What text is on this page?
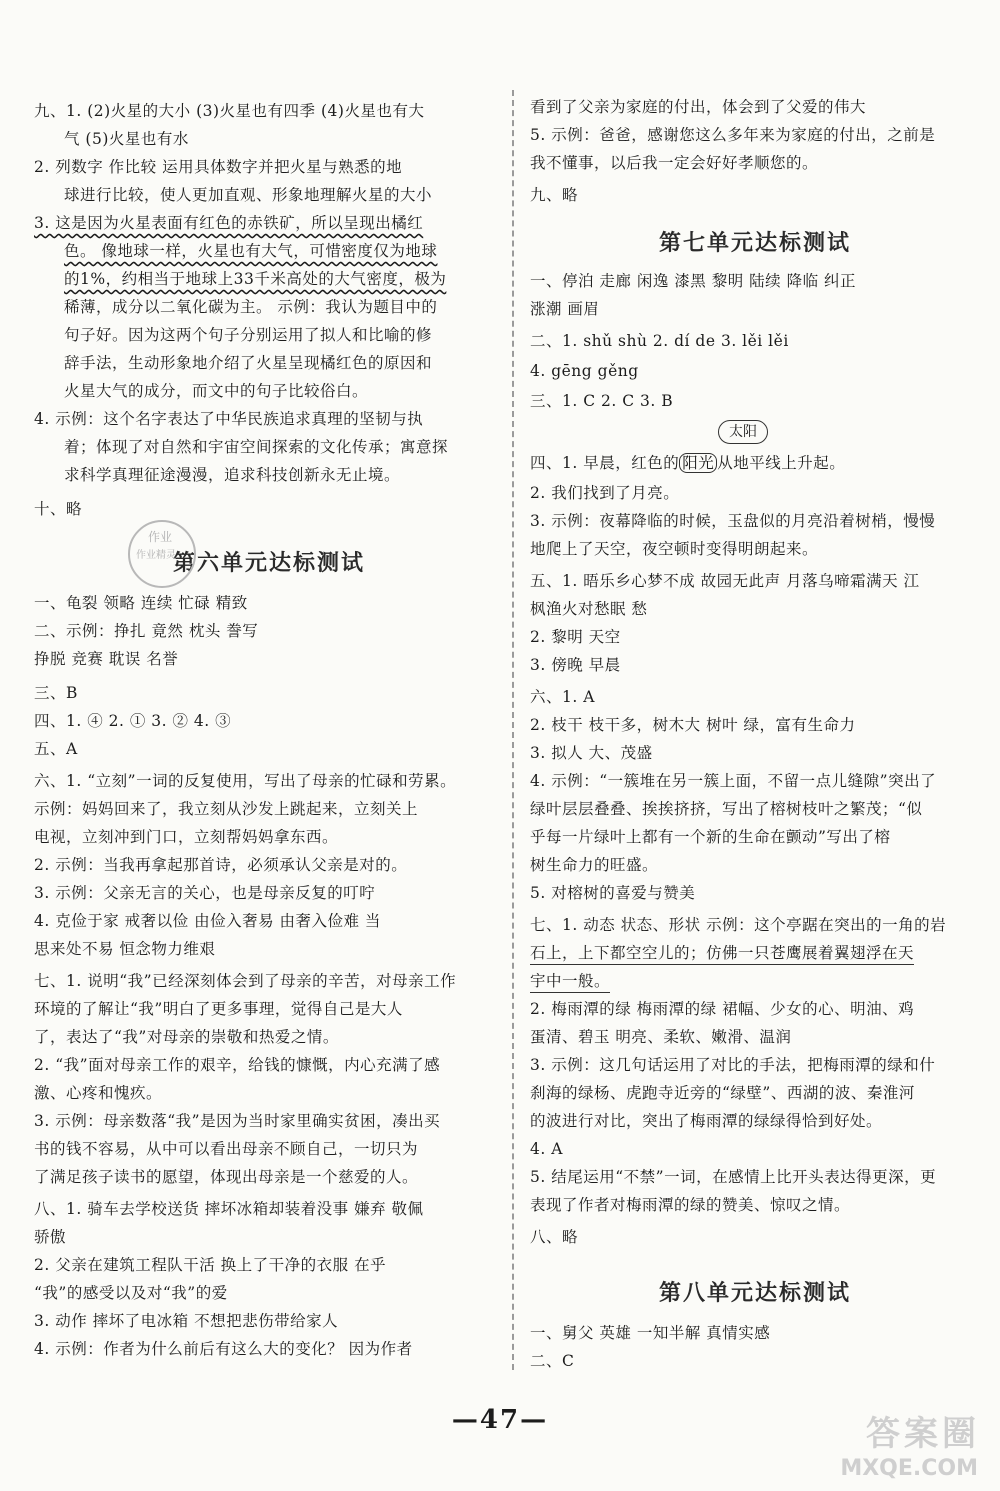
九、1. (2)火星的大小 (3)火星也有四季 (4)火星也有大
气 (5)火星也有水
2. 列数字 作比较 运用具体数字并把火星与熟悉的地
球进行比较，使人更加直观、形象地理解火星的大小
3. 这是因为火星表面有红色的赤铁矿，所以呈现出橘红
色。 像地球一样，火星也有大气，可惜密度仅为地球
的1%，约相当于地球上33千米高处的大气密度，极为
稀薄，成分以二氧化碳为主。 示例：我认为题目中的
句子好。因为这两个句子分别运用了拟人和比喻的修
辞手法，生动形象地介绍了火星呈现橘红色的原因和
火星大气的成分，而文中的句子比较俗白。
4. 示例：这个名字表达了中华民族追求真理的坚韧与执
着；体现了对自然和宇宙空间探索的文化传承；寓意探
求科学真理征途漫漫，追求科技创新永无止境。
十、略
第六单元达标测试
一、龟裂 领略 连续 忙碌 精致
二、示例：挣扎 竟然 枕头 誊写
挣脱 竞赛 耽误 名誉
三、B
四、1. ④ 2. ① 3. ② 4. ③
五、A
六、1. “立刻”一词的反复使用，写出了母亲的忙碌和劳累。
示例：妈妈回来了，我立刻从沙发上跳起来，立刻关上
电视，立刻冲到门口，立刻帮妈妈拿东西。
2. 示例：当我再拿起那首诗，必须承认父亲是对的。
3. 示例：父亲无言的关心，也是母亲反复的叮咛
4. 克俭于家 戒奢以俭 由俭入奢易 由奢入俭难 当
思来处不易 恒念物力维艰
七、1. 说明“我”已经深刻体会到了母亲的辛苦，对母亲工作
环境的了解让“我”明白了更多事理，觉得自己是大人
了，表达了“我”对母亲的崇敬和热爱之情。
2. “我”面对母亲工作的艰辛，给钱的慷慨，内心充满了感
激、心疼和愧疚。
3. 示例：母亲数落“我”是因为当时家里确实贫困，凑出买
书的钱不容易，从中可以看出母亲不顾自己，一切只为
了满足孩子读书的愿望，体现出母亲是一个慈爱的人。
八、1. 骑车去学校送货 摔坏冰箱却装着没事 嫌弃 敬佩
骄傲
2. 父亲在建筑工程队干活 换上了干净的衣服 在乎
“我”的感受以及对“我”的爱
3. 动作 摔坏了电冰箱 不想把悲伤带给家人
4. 示例：作者为什么前后有这么大的变化？ 因为作者
看到了父亲为家庭的付出，体会到了父爱的伟大
5. 示例：爸爸，感谢您这么多年来为家庭的付出，之前是
我不懂事，以后我一定会好好孝顺您的。
九、略
第七单元达标测试
一、停泊 走廊 闲逸 漆黑 黎明 陆续 降临 纠正
涨潮 画眉
二、1. shǔ shù 2. dí de 3. lěi lěi
4. gēng gěng
三、1. C 2. C 3. B
太阳
四、1. 早晨，红色的 阳光 从地平线上升起。
2. 我们找到了月亮。
3. 示例：夜幕降临的时候，玉盘似的月亮沿着树梢，慢慢
地爬上了天空，夜空顿时变得明朗起来。
五、1. 晤乐乡心梦不成 故园无此声 月落乌啼霜满天 江
枫渔火对愁眠 愁
2. 黎明 天空
3. 傍晚 早晨
六、1. A
2. 枝干 枝干多，树木大 树叶 绿，富有生命力
3. 拟人 大、茂盛
4. 示例：“一簇堆在另一簇上面，不留一点儿缝隙”突出了
绿叶层层叠叠、挨挨挤挤，写出了榕树枝叶之繁茂；“似
乎每一片绿叶上都有一个新的生命在颤动”写出了榕
树生命力的旺盛。
5. 对榕树的喜爱与赞美
七、1. 动态 状态、形状 示例：这个亭踞在突出的一角的岩
石上，上下都空空儿的；仿佛一只苍鹰展着翼翅浮在天
宇中一般。
2. 梅雨潭的绿 梅雨潭的绿 裙幅、少女的心、明油、鸡
蛋清、碧玉 明亮、柔软、嫩滑、温润
3. 示例：这几句话运用了对比的手法，把梅雨潭的绿和什
刹海的绿杨、虎跑寺近旁的“绿壁”、西湖的波、秦淮河
的波进行对比，突出了梅雨潭的绿绿得恰到好处。
4. A
5. 结尾运用“不禁”一词，在感情上比开头表达得更深，更
表现了作者对梅雨潭的绿的赞美、惊叹之情。
八、略
第八单元达标测试
一、舅父 英雄 一知半解 真情实感
二、C
—47—
作业
作业精灵
答案圈
MXQE.COM
